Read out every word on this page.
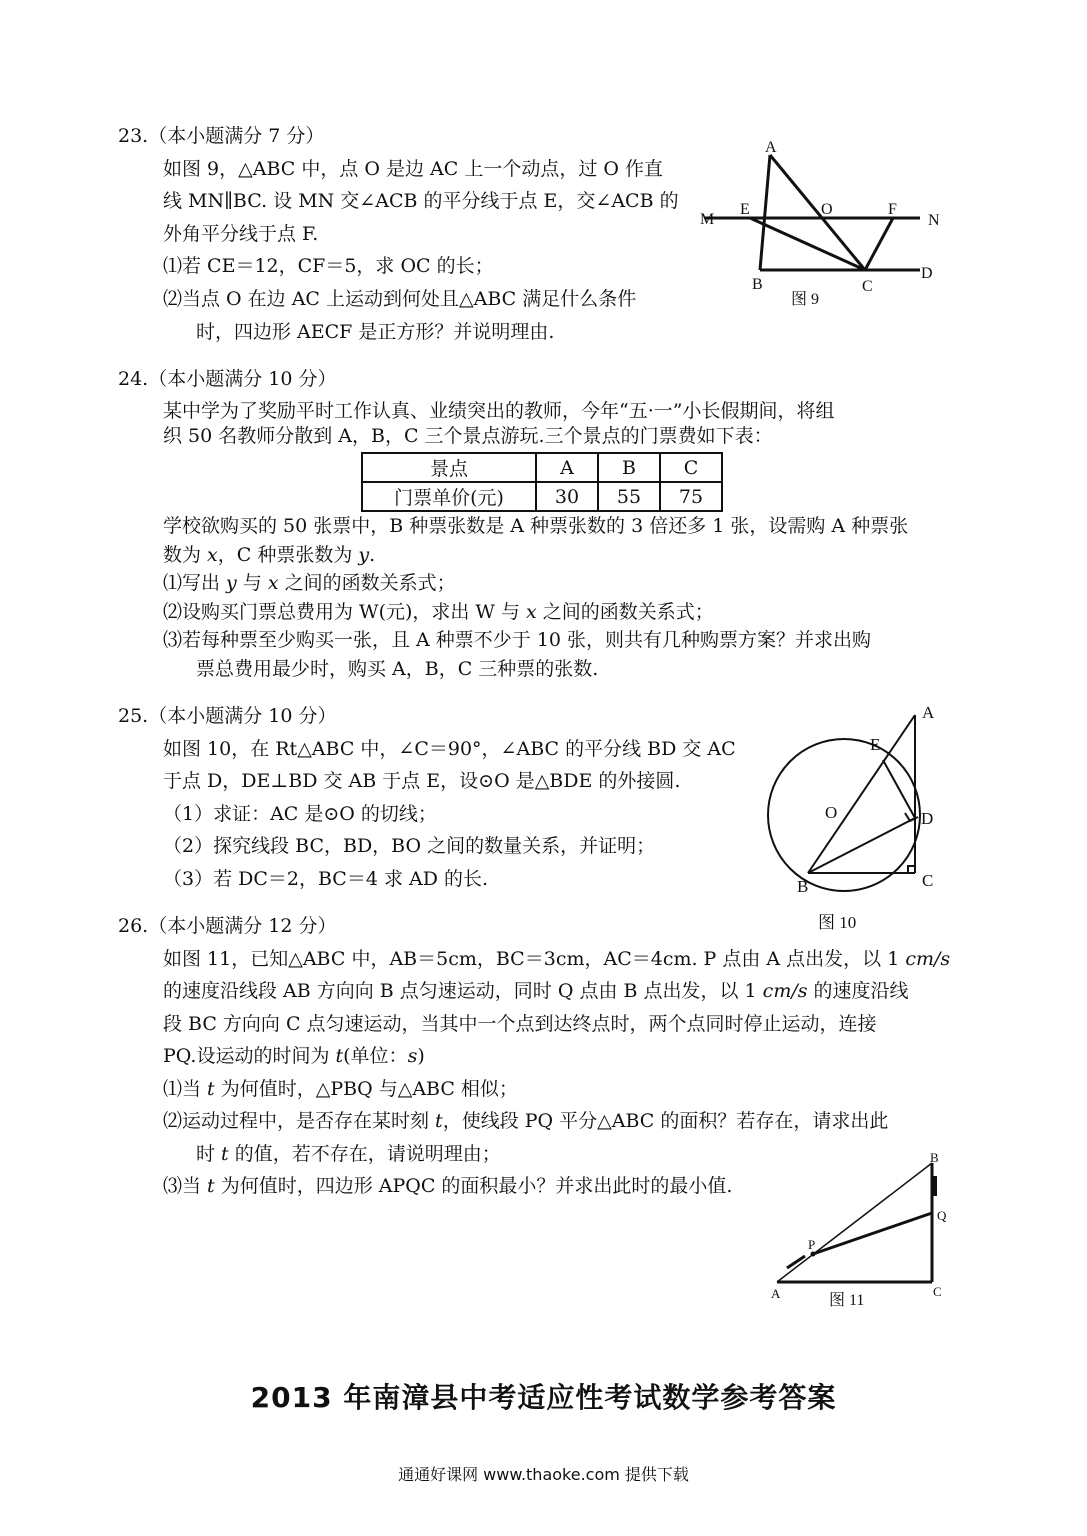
23.（本小题满分 7 分）
如图 9，△ABC 中，点 O 是边 AC 上一个动点，过 O 作直
线 MN∥BC. 设 MN 交∠ACB 的平分线于点 E，交∠ACB 的
外角平分线于点 F.
⑴若 CE＝12，CF＝5，求 OC 的长；
⑵当点 O 在边 AC 上运动到何处且△ABC 满足什么条件
时，四边形 AECF 是正方形？并说明理由.
A
M
E	O	F
N
B	C
D
图 9
24.（本小题满分 10 分）
某中学为了奖励平时工作认真、业绩突出的教师，今年“五·一”小长假期间，将组
织 50 名教师分散到 A，B，C 三个景点游玩.三个景点的门票费如下表：
景点	A	B	C
门票单价(元)	30	55	75
学校欲购买的 50 张票中，B 种票张数是 A 种票张数的 3 倍还多 1 张，设需购 A 种票张
数为 x，C 种票张数为 y.
⑴写出 y 与 x 之间的函数关系式；
⑵设购买门票总费用为 W(元)，求出 W 与 x 之间的函数关系式；
⑶若每种票至少购买一张，且 A 种票不少于 10 张，则共有几种购票方案？并求出购
票总费用最少时，购买 A，B，C 三种票的张数.
25.（本小题满分 10 分）
如图 10，在 Rt△ABC 中，∠C＝90°，∠ABC 的平分线 BD 交 AC
于点 D，DE⊥BD 交 AB 于点 E，设⊙O 是△BDE 的外接圆.
（1）求证：AC 是⊙O 的切线；
（2）探究线段 BC，BD，BO 之间的数量关系，并证明；
（3）若 DC＝2，BC＝4 求 AD 的长.
A
E
O	D
B	C
图 10
26.（本小题满分 12 分）
如图 11，已知△ABC 中，AB＝5cm，BC＝3cm，AC＝4cm. P 点由 A 点出发，以 1 cm/s
的速度沿线段 AB 方向向 B 点匀速运动，同时 Q 点由 B 点出发，以 1 cm/s 的速度沿线
段 BC 方向向 C 点匀速运动，当其中一个点到达终点时，两个点同时停止运动，连接
PQ.设运动的时间为 t(单位：s)
⑴当 t 为何值时，△PBQ 与△ABC 相似；
⑵运动过程中，是否存在某时刻 t，使线段 PQ 平分△ABC 的面积？若存在，请求出此
时 t 的值，若不存在，请说明理由；
⑶当 t 为何值时，四边形 APQC 的面积最小？并求出此时的最小值.
B
Q
P
A	C
图 11
2013 年南漳县中考适应性考试数学参考答案
通通好课网 www.thaoke.com 提供下载
